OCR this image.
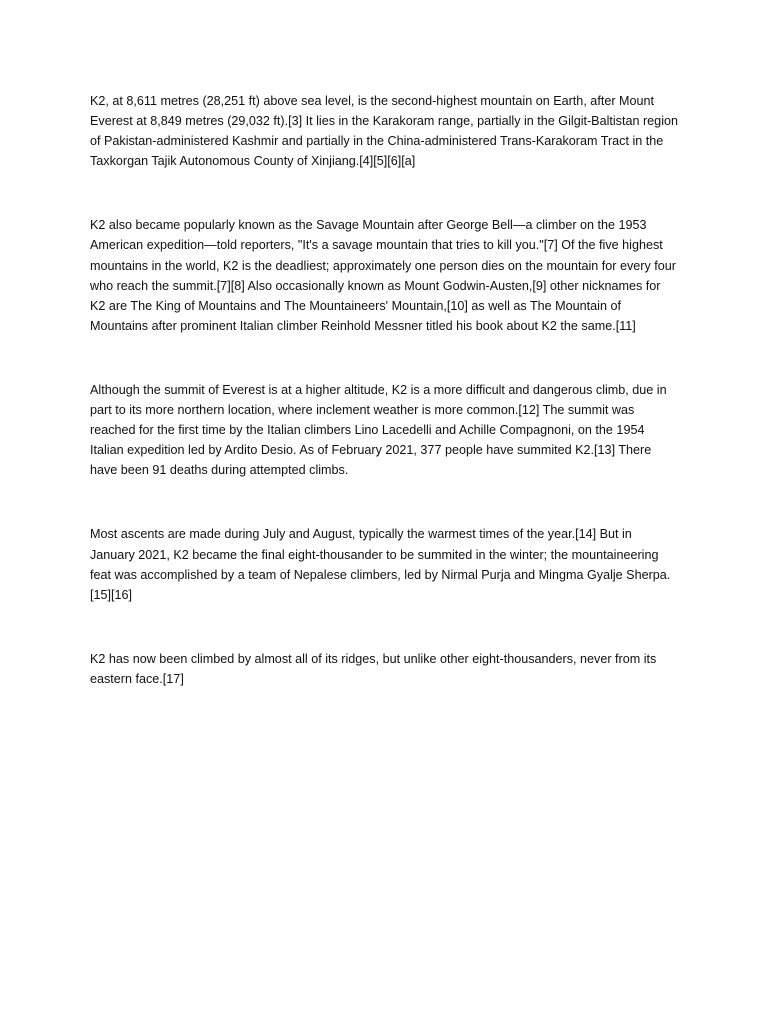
K2, at 8,611 metres (28,251 ft) above sea level, is the second-highest mountain on Earth, after Mount Everest at 8,849 metres (29,032 ft).[3] It lies in the Karakoram range, partially in the Gilgit-Baltistan region of Pakistan-administered Kashmir and partially in the China-administered Trans-Karakoram Tract in the Taxkorgan Tajik Autonomous County of Xinjiang.[4][5][6][a]

K2 also became popularly known as the Savage Mountain after George Bell—a climber on the 1953 American expedition—told reporters, "It's a savage mountain that tries to kill you."[7] Of the five highest mountains in the world, K2 is the deadliest; approximately one person dies on the mountain for every four who reach the summit.[7][8] Also occasionally known as Mount Godwin-Austen,[9] other nicknames for K2 are The King of Mountains and The Mountaineers' Mountain,[10] as well as The Mountain of Mountains after prominent Italian climber Reinhold Messner titled his book about K2 the same.[11]

Although the summit of Everest is at a higher altitude, K2 is a more difficult and dangerous climb, due in part to its more northern location, where inclement weather is more common.[12] The summit was reached for the first time by the Italian climbers Lino Lacedelli and Achille Compagnoni, on the 1954 Italian expedition led by Ardito Desio. As of February 2021, 377 people have summited K2.[13] There have been 91 deaths during attempted climbs.

Most ascents are made during July and August, typically the warmest times of the year.[14] But in January 2021, K2 became the final eight-thousander to be summited in the winter; the mountaineering feat was accomplished by a team of Nepalese climbers, led by Nirmal Purja and Mingma Gyalje Sherpa.[15][16]

K2 has now been climbed by almost all of its ridges, but unlike other eight-thousanders, never from its eastern face.[17]
